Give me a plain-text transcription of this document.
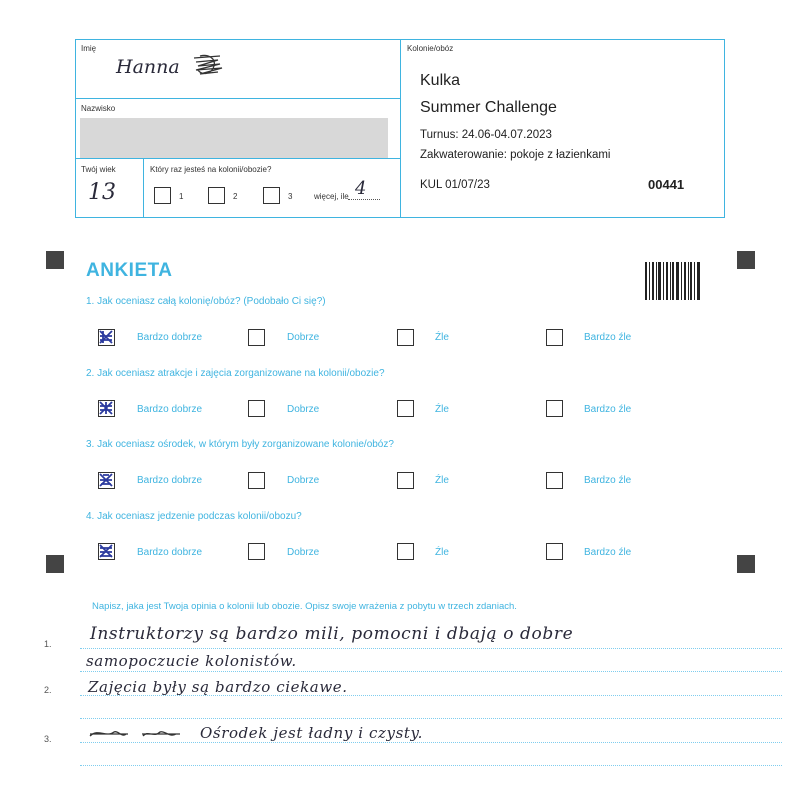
Imię
Hanna
Nazwisko
Twój wiek
13
Który raz jesteś na kolonii/obozie?
1	2	3	więcej, ile 4
Kolonie/obóz
Kulka
Summer Challenge
Turnus: 24.06-04.07.2023
Zakwaterowanie: pokoje z łazienkami
KUL 01/07/23	00441
ANKIETA
1. Jak oceniasz całą kolonię/obóz? (Podobało Ci się?)
Bardzo dobrze	Dobrze	Źle	Bardzo źle
2. Jak oceniasz atrakcje i zajęcia zorganizowane na kolonii/obozie?
Bardzo dobrze	Dobrze	Źle	Bardzo źle
3. Jak oceniasz ośrodek, w którym były zorganizowane kolonie/obóz?
Bardzo dobrze	Dobrze	Źle	Bardzo źle
4. Jak oceniasz jedzenie podczas kolonii/obozu?
Bardzo dobrze	Dobrze	Źle	Bardzo źle
Napisz, jaka jest Twoja opinia o kolonii lub obozie. Opisz swoje wrażenia z pobytu w trzech zdaniach.
1.
2.
3.
Instruktorzy są bardzo mili, pomocni i dbają o dobre
samopoczucie kolonistów.
Zajęcia były są bardzo ciekawe.
Ośrodek jest ładny i czysty.
